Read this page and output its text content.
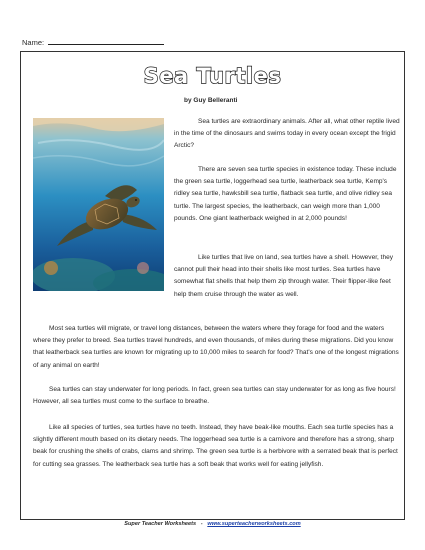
Name:
Sea Turtles
by Guy Belleranti

Sea turtles are extraordinary animals. After all, what other reptile lived in the time of the dinosaurs and swims today in every ocean except the frigid Arctic?

There are seven sea turtle species in existence today. These include the green sea turtle, loggerhead sea turtle, leatherback sea turtle, Kemp's ridley sea turtle, hawksbill sea turtle, flatback sea turtle, and olive ridley sea turtle. The largest species, the leatherback, can weigh more than 1,000 pounds. One giant leatherback weighed in at 2,000 pounds!

Like turtles that live on land, sea turtles have a shell. However, they cannot pull their head into their shells like most turtles. Sea turtles have somewhat flat shells that help them zip through water. Their flipper-like feet help them cruise through the water as well.

Most sea turtles will migrate, or travel long distances, between the waters where they forage for food and the waters where they prefer to breed. Sea turtles travel hundreds, and even thousands, of miles during these migrations. Did you know that leatherback sea turtles are known for migrating up to 10,000 miles to search for food? That's one of the longest migrations of any animal on earth!

Sea turtles can stay underwater for long periods. In fact, green sea turtles can stay underwater for as long as five hours! However, all sea turtles must come to the surface to breathe.

Like all species of turtles, sea turtles have no teeth. Instead, they have beak-like mouths. Each sea turtle species has a slightly different mouth based on its dietary needs. The loggerhead sea turtle is a carnivore and therefore has a strong, sharp beak for crushing the shells of crabs, clams and shrimp. The green sea turtle is a herbivore with a serrated beak that is perfect for cutting sea grasses. The leatherback sea turtle has a soft beak that works well for eating jellyfish.

Super Teacher Worksheets - www.superteacherworksheets.com
